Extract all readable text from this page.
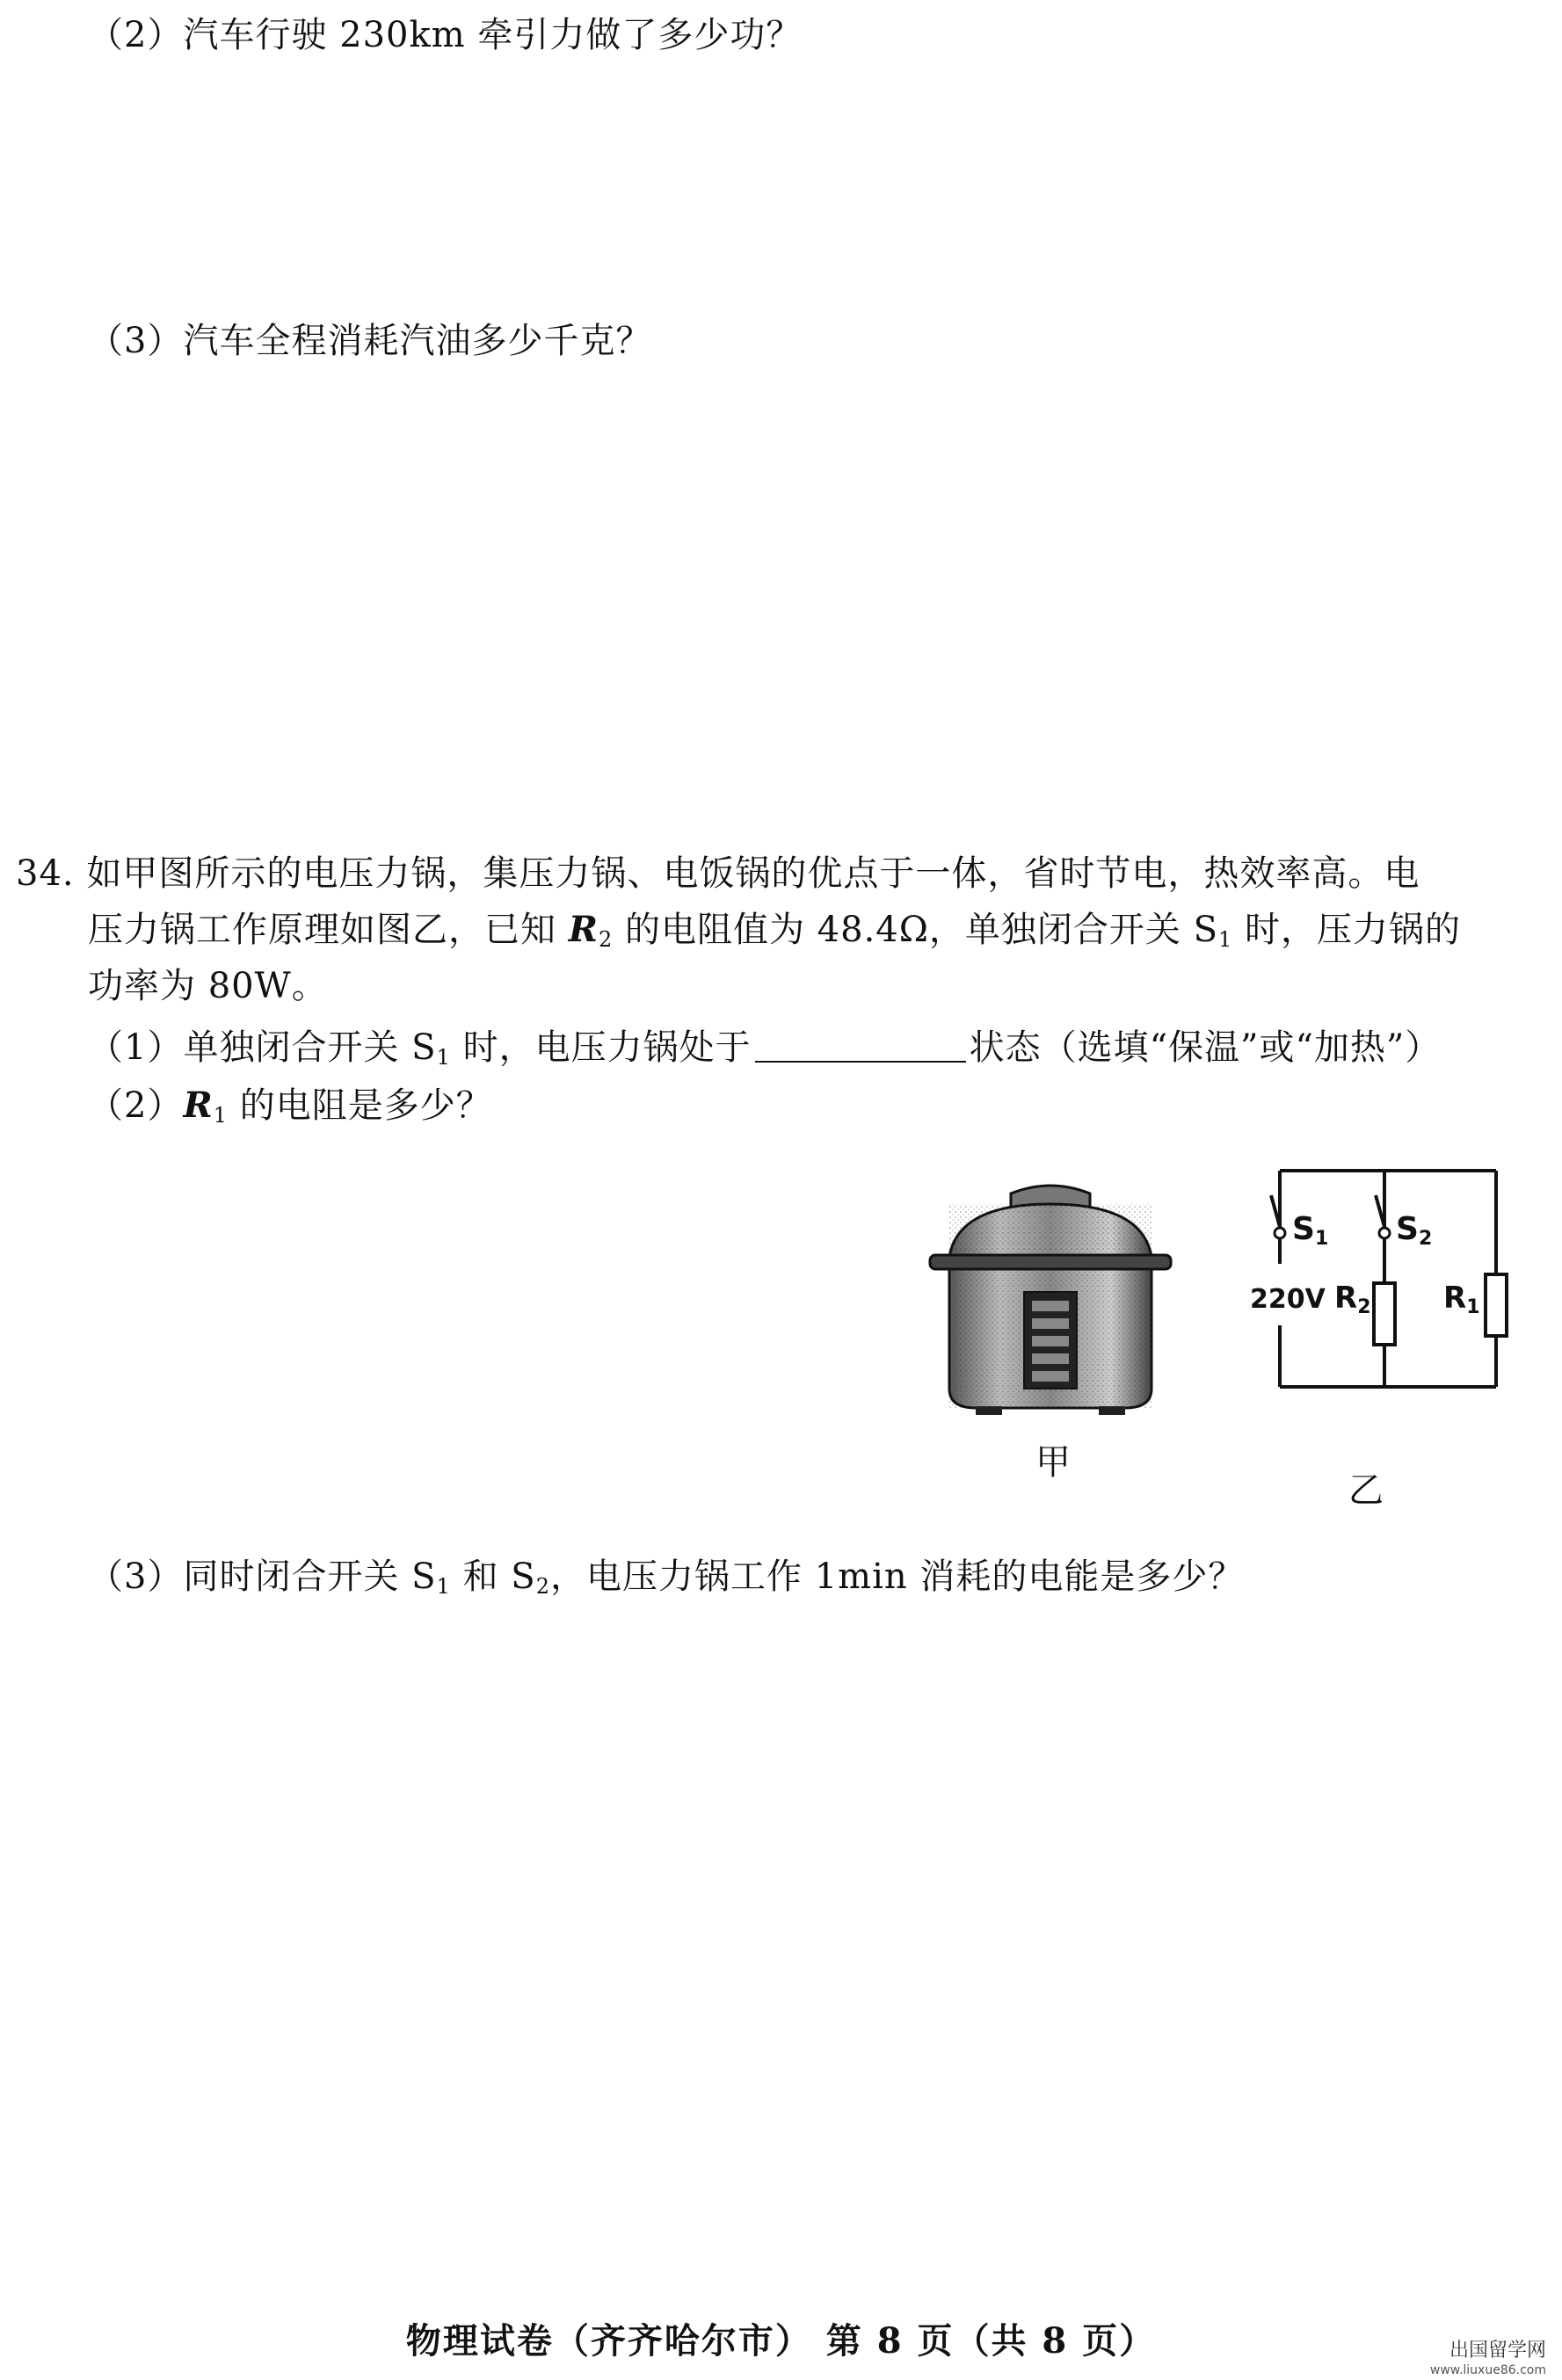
（2）汽车行驶 230km 牵引力做了多少功？
（3）汽车全程消耗汽油多少千克？
34. 如甲图所示的电压力锅，集压力锅、电饭锅的优点于一体，省时节电，热效率高。电
压力锅工作原理如图乙，已知 $R_2$ 的电阻值为 48.4Ω，单独闭合开关 $S_1$ 时，压力锅的
功率为 80W。
（1）单独闭合开关 $S_1$ 时，电压力锅处于	状态（选填“保温”或“加热”）
$(2)R_1$ 的电阻是多少？
甲
S1 S2
220V R2 R1
乙
（3）同时闭合开关 $S_1$ 和 $S_2$，电压力锅工作 1min 消耗的电能是多少？
物理试卷（齐齐哈尔市） 第 8 页（共 8 页）	出国留学网
www.liuxue86.com
